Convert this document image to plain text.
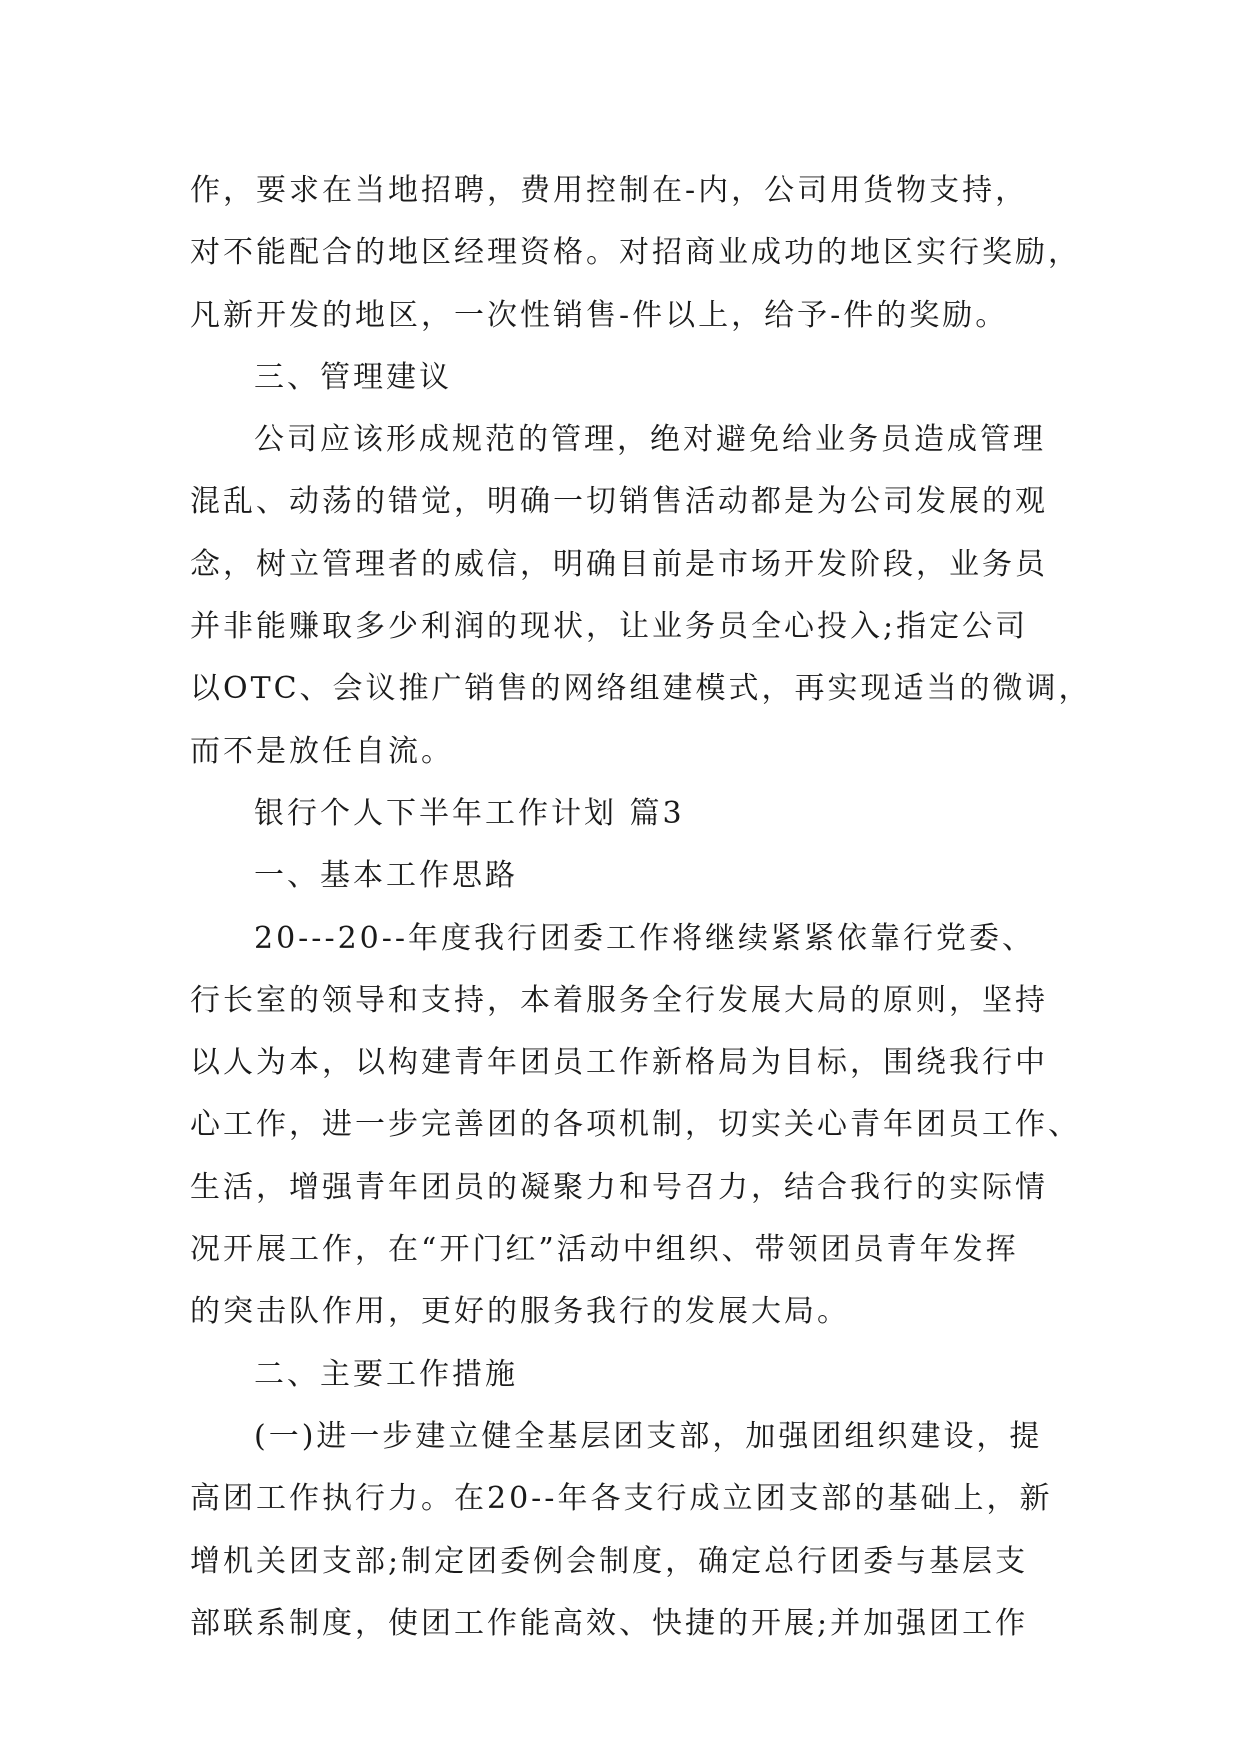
作，要求在当地招聘，费用控制在-内，公司用货物支持，
对不能配合的地区经理资格。对招商业成功的地区实行奖励，
凡新开发的地区，一次性销售-件以上，给予-件的奖励。
三、管理建议
公司应该形成规范的管理，绝对避免给业务员造成管理
混乱、动荡的错觉，明确一切销售活动都是为公司发展的观
念，树立管理者的威信，明确目前是市场开发阶段，业务员
并非能赚取多少利润的现状，让业务员全心投入;指定公司
以OTC、会议推广销售的网络组建模式，再实现适当的微调，
而不是放任自流。
银行个人下半年工作计划 篇3
一、基本工作思路
20---20--年度我行团委工作将继续紧紧依靠行党委、
行长室的领导和支持，本着服务全行发展大局的原则，坚持
以人为本，以构建青年团员工作新格局为目标，围绕我行中
心工作，进一步完善团的各项机制，切实关心青年团员工作、
生活，增强青年团员的凝聚力和号召力，结合我行的实际情
况开展工作，在“开门红”活动中组织、带领团员青年发挥
的突击队作用，更好的服务我行的发展大局。
二、主要工作措施
(一)进一步建立健全基层团支部，加强团组织建设，提
高团工作执行力。在20--年各支行成立团支部的基础上，新
增机关团支部;制定团委例会制度，确定总行团委与基层支
部联系制度，使团工作能高效、快捷的开展;并加强团工作
